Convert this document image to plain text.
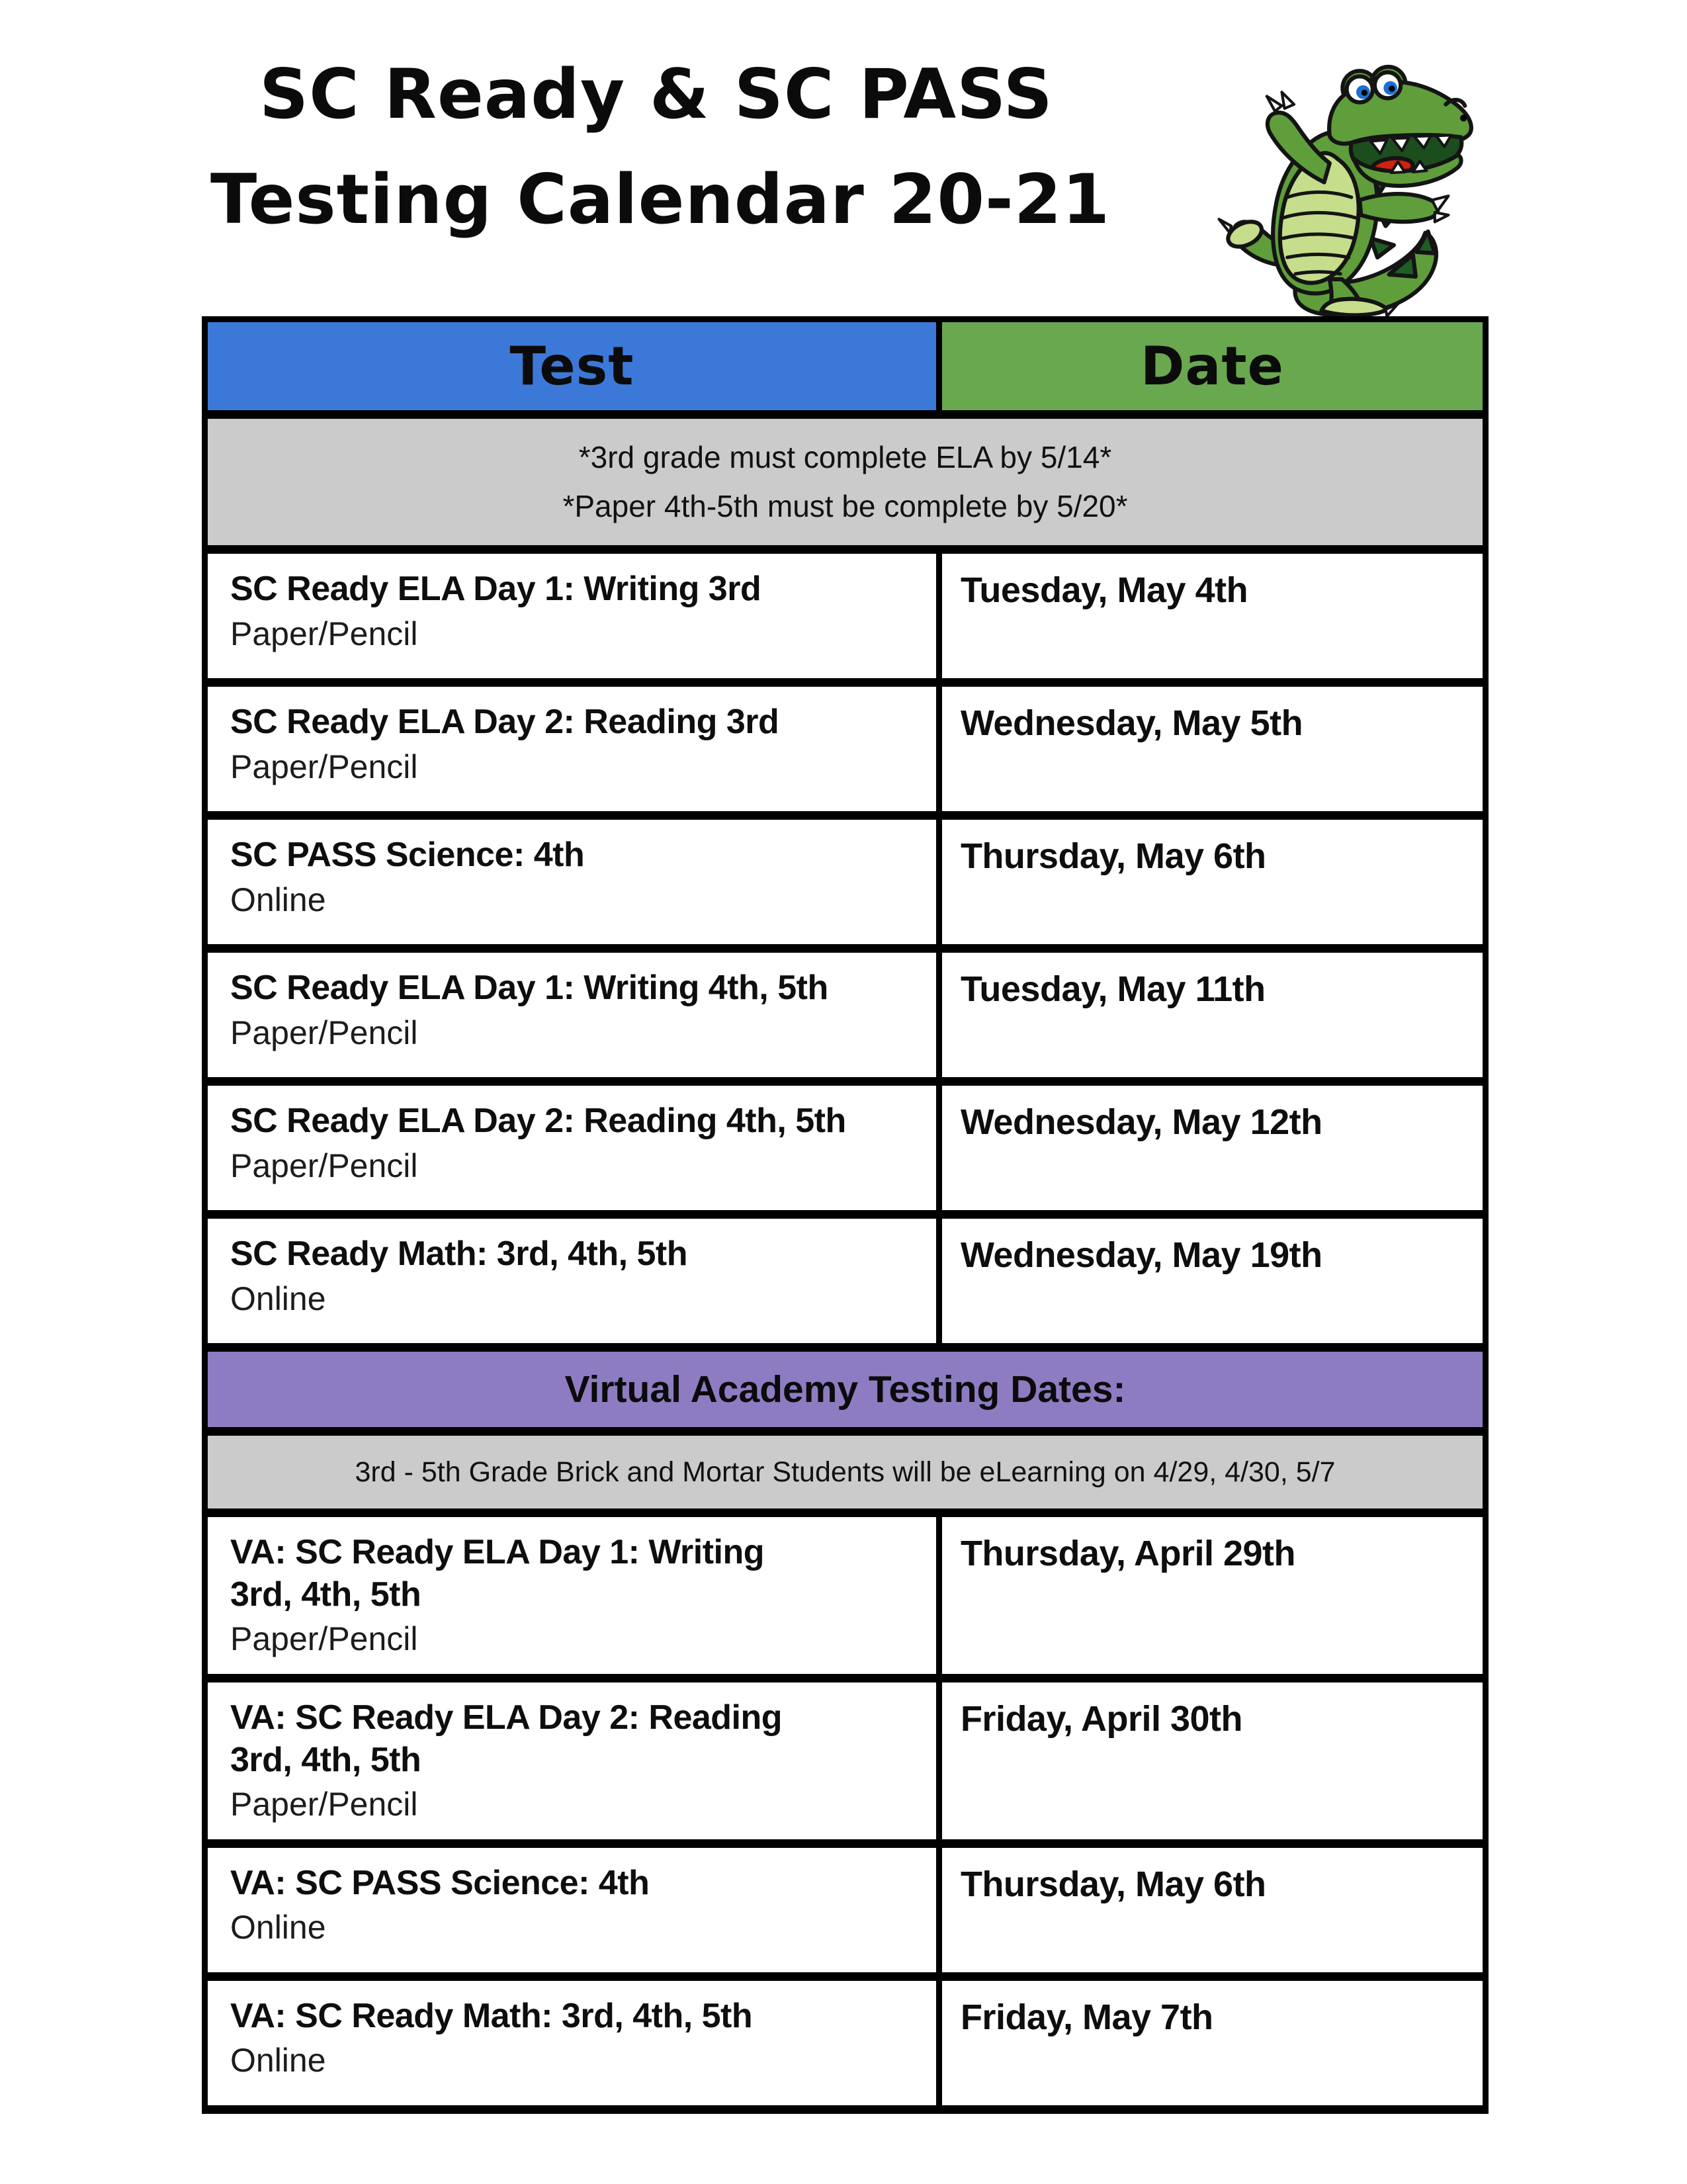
SC Ready & SC PASS
Testing Calendar 20-21
Test	Date
*3rd grade must complete ELA by 5/14*
*Paper 4th-5th must be complete by 5/20*
SC Ready ELA Day 1: Writing 3rd
Paper/Pencil
Tuesday, May 4th
SC Ready ELA Day 2: Reading 3rd
Paper/Pencil
Wednesday, May 5th
SC PASS Science: 4th
Online
Thursday, May 6th
SC Ready ELA Day 1: Writing 4th, 5th
Paper/Pencil
Tuesday, May 11th
SC Ready ELA Day 2: Reading 4th, 5th
Paper/Pencil
Wednesday, May 12th
SC Ready Math: 3rd, 4th, 5th
Online
Wednesday, May 19th
Virtual Academy Testing Dates:
3rd - 5th Grade Brick and Mortar Students will be eLearning on 4/29, 4/30, 5/7
VA: SC Ready ELA Day 1: Writing
3rd, 4th, 5th
Paper/Pencil
Thursday, April 29th
VA: SC Ready ELA Day 2: Reading
3rd, 4th, 5th
Paper/Pencil
Friday, April 30th
VA: SC PASS Science: 4th
Online
Thursday, May 6th
VA: SC Ready Math: 3rd, 4th, 5th
Online
Friday, May 7th
